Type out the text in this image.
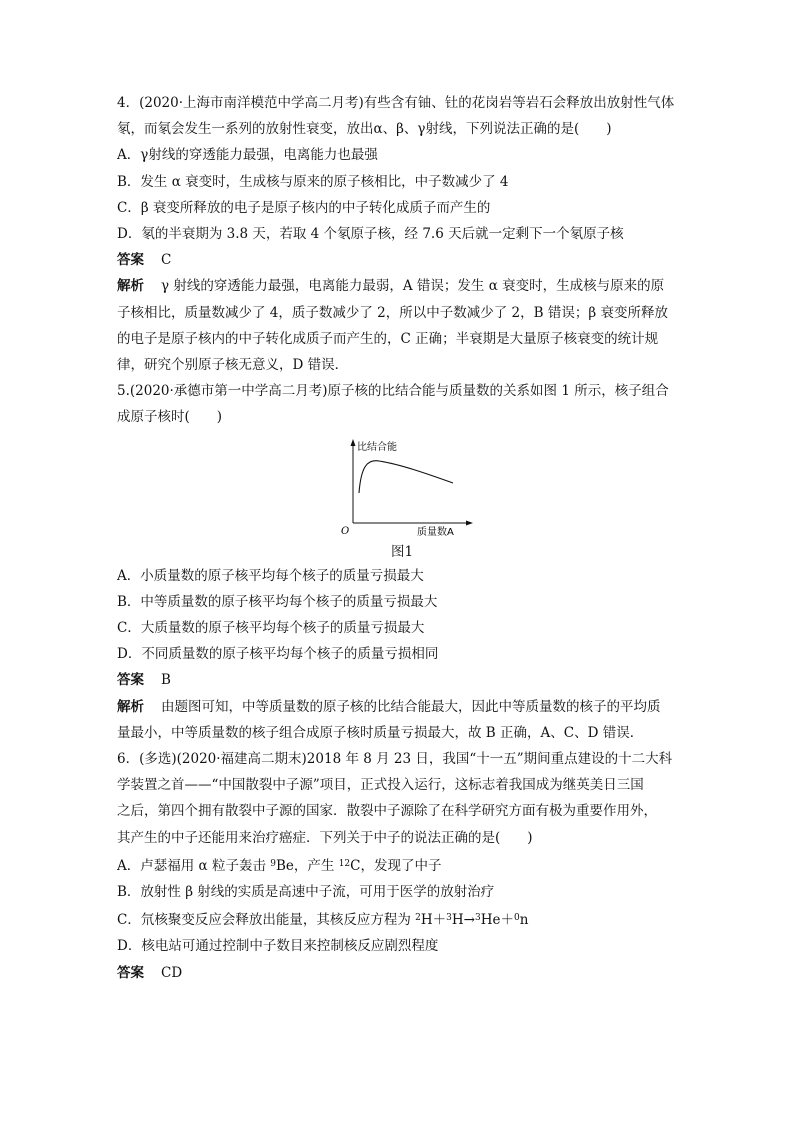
4．(2020·上海市南洋模范中学高二月考)有些含有铀、钍的花岗岩等岩石会释放出放射性气体
氡，而氡会发生一系列的放射性衰变，放出α、β、γ射线，下列说法正确的是(　　)
A．γ射线的穿透能力最强，电离能力也最强
B．发生 α 衰变时，生成核与原来的原子核相比，中子数减少了 4
C．β 衰变所释放的电子是原子核内的中子转化成质子而产生的
D．氡的半衰期为 3.8 天，若取 4 个氡原子核，经 7.6 天后就一定剩下一个氡原子核
答案 C
解析 γ 射线的穿透能力最强，电离能力最弱，A 错误；发生 α 衰变时，生成核与原来的原
子核相比，质量数减少了 4，质子数减少了 2，所以中子数减少了 2，B 错误；β 衰变所释放
的电子是原子核内的中子转化成质子而产生的，C 正确；半衰期是大量原子核衰变的统计规
律，研究个别原子核无意义，D 错误．
5.(2020·承德市第一中学高二月考)原子核的比结合能与质量数的关系如图 1 所示，核子组合
成原子核时(　　)
比结合能
O	质量数A
图1
A．小质量数的原子核平均每个核子的质量亏损最大
B．中等质量数的原子核平均每个核子的质量亏损最大
C．大质量数的原子核平均每个核子的质量亏损最大
D．不同质量数的原子核平均每个核子的质量亏损相同
答案 B
解析 由题图可知，中等质量数的原子核的比结合能最大，因此中等质量数的核子的平均质
量最小，中等质量数的核子组合成原子核时质量亏损最大，故 B 正确，A、C、D 错误．
6．(多选)(2020·福建高二期末)2018 年 8 月 23 日，我国“十一五”期间重点建设的十二大科
学装置之首——“中国散裂中子源”项目，正式投入运行，这标志着我国成为继英美日三国
之后，第四个拥有散裂中子源的国家．散裂中子源除了在科学研究方面有极为重要作用外，
其产生的中子还能用来治疗癌症．下列关于中子的说法正确的是(　　)
A．卢瑟福用 α 粒子轰击 $^9$Be，产生 $^{12}$C，发现了中子
B．放射性 β 射线的实质是高速中子流，可用于医学的放射治疗
C．氘核聚变反应会释放出能量，其核反应方程为 $^2$H＋$^3$H→$^3$He＋$^0$n
D．核电站可通过控制中子数目来控制核反应剧烈程度
答案 CD
